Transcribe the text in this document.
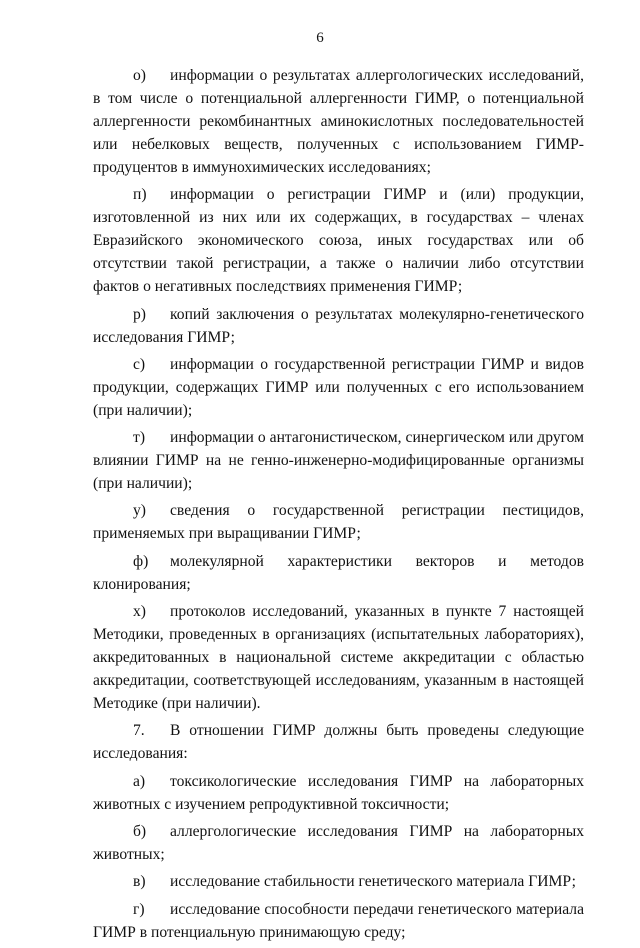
6

о) информации о результатах аллергологических исследований, в том числе о потенциальной аллергенности ГИМР, о потенциальной аллергенности рекомбинантных аминокислотных последовательностей или небелковых веществ, полученных с использованием ГИМР-продуцентов в иммунохимических исследованиях;

п) информации о регистрации ГИМР и (или) продукции, изготовленной из них или их содержащих, в государствах – членах Евразийского экономического союза, иных государствах или об отсутствии такой регистрации, а также о наличии либо отсутствии фактов о негативных последствиях применения ГИМР;

р) копий заключения о результатах молекулярно-генетического исследования ГИМР;

с) информации о государственной регистрации ГИМР и видов продукции, содержащих ГИМР или полученных с его использованием (при наличии);

т) информации о антагонистическом, синергическом или другом влиянии ГИМР на не генно-инженерно-модифицированные организмы (при наличии);

у) сведения о государственной регистрации пестицидов, применяемых при выращивании ГИМР;

ф) молекулярной характеристики векторов и методов клонирования;

х) протоколов исследований, указанных в пункте 7 настоящей Методики, проведенных в организациях (испытательных лабораториях), аккредитованных в национальной системе аккредитации с областью аккредитации, соответствующей исследованиям, указанным в настоящей Методике (при наличии).

7. В отношении ГИМР должны быть проведены следующие исследования:

а) токсикологические исследования ГИМР на лабораторных животных с изучением репродуктивной токсичности;

б) аллергологические исследования ГИМР на лабораторных животных;

в) исследование стабильности генетического материала ГИМР;

г) исследование способности передачи генетического материала ГИМР в потенциальную принимающую среду;
